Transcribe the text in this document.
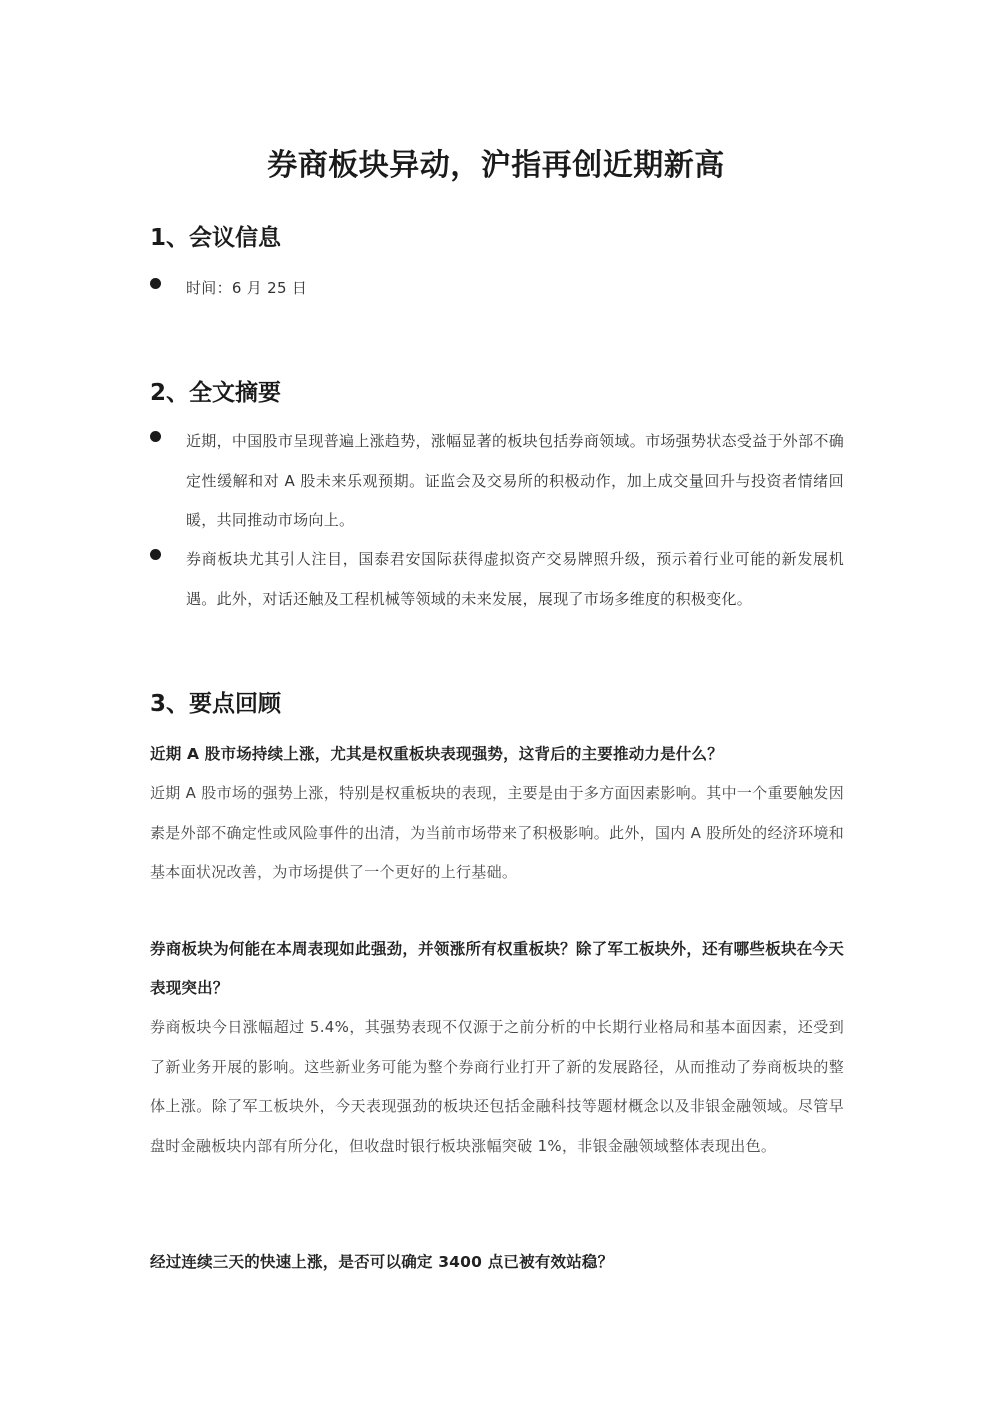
券商板块异动，沪指再创近期新高
1、会议信息
时间：6 月 25 日
2、全文摘要
近期，中国股市呈现普遍上涨趋势，涨幅显著的板块包括券商领域。市场强势状态受益于外部不确定性缓解和对 A 股未来乐观预期。证监会及交易所的积极动作，加上成交量回升与投资者情绪回暖，共同推动市场向上。
券商板块尤其引人注目，国泰君安国际获得虚拟资产交易牌照升级，预示着行业可能的新发展机遇。此外，对话还触及工程机械等领域的未来发展，展现了市场多维度的积极变化。
3、要点回顾

近期 A 股市场持续上涨，尤其是权重板块表现强势，这背后的主要推动力是什么？

近期 A 股市场的强势上涨，特别是权重板块的表现，主要是由于多方面因素影响。其中一个重要触发因素是外部不确定性或风险事件的出清，为当前市场带来了积极影响。此外，国内 A 股所处的经济环境和基本面状况改善，为市场提供了一个更好的上行基础。

券商板块为何能在本周表现如此强劲，并领涨所有权重板块？除了军工板块外，还有哪些板块在今天表现突出？

券商板块今日涨幅超过 5.4%，其强势表现不仅源于之前分析的中长期行业格局和基本面因素，还受到了新业务开展的影响。这些新业务可能为整个券商行业打开了新的发展路径，从而推动了券商板块的整体上涨。除了军工板块外，今天表现强劲的板块还包括金融科技等题材概念以及非银金融领域。尽管早盘时金融板块内部有所分化，但收盘时银行板块涨幅突破 1%，非银金融领域整体表现出色。

经过连续三天的快速上涨，是否可以确定 3400 点已被有效站稳？
